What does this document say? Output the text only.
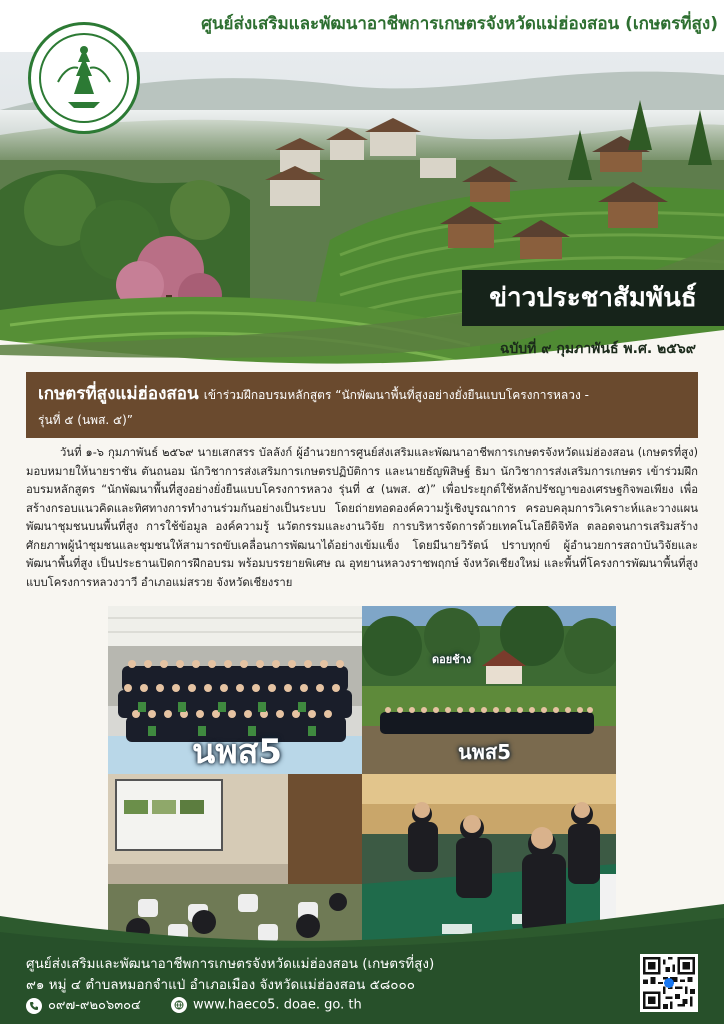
ศูนย์ส่งเสริมและพัฒนาอาชีพการเกษตรจังหวัดแม่ฮ่องสอน (เกษตรที่สูง)
ข่าวประชาสัมพันธ์
ฉบับที่ ๙ กุมภาพันธ์ พ.ศ. ๒๕๖๙
เกษตรที่สูงแม่ฮ่องสอน เข้าร่วมฝึกอบรมหลักสูตร “นักพัฒนาพื้นที่สูงอย่างยั่งยืนแบบโครงการหลวง -
รุ่นที่ ๕ (นพส. ๕)”

วันที่ ๑-๖ กุมภาพันธ์ ๒๕๖๙ นายเสกสรร บัลลังก์ ผู้อำนวยการศูนย์ส่งเสริมและพัฒนาอาชีพการเกษตรจังหวัดแม่ฮ่องสอน (เกษตรที่สูง) มอบหมายให้นายราชัน ตันถนอม นักวิชาการส่งเสริมการเกษตรปฏิบัติการ และนายธัญพิสิษฐ์ ธิมา นักวิชาการส่งเสริมการเกษตร เข้าร่วมฝึกอบรมหลักสูตร “นักพัฒนาพื้นที่สูงอย่างยั่งยืนแบบโครงการหลวง รุ่นที่ ๕ (นพส. ๕)” เพื่อประยุกต์ใช้หลักปรัชญาของเศรษฐกิจพอเพียง เพื่อสร้างกรอบแนวคิดและทิศทางการทำงานร่วมกันอย่างเป็นระบบ โดยถ่ายทอดองค์ความรู้เชิงบูรณาการ ครอบคลุมการวิเคราะห์และวางแผนพัฒนาชุมชนบนพื้นที่สูง การใช้ข้อมูล องค์ความรู้ นวัตกรรมและงานวิจัย การบริหารจัดการด้วยเทคโนโลยีดิจิทัล ตลอดจนการเสริมสร้างศักยภาพผู้นำชุมชนและชุมชนให้สามารถขับเคลื่อนการพัฒนาได้อย่างเข้มแข็ง โดยมีนายวิรัตน์ ปราบทุกข์ ผู้อำนวยการสถาบันวิจัยและพัฒนาพื้นที่สูง เป็นประธานเปิดการฝึกอบรม พร้อมบรรยายพิเศษ ณ อุทยานหลวงราชพฤกษ์ จังหวัดเชียงใหม่ และพื้นที่โครงการพัฒนาพื้นที่สูงแบบโครงการหลวงวาวี อำเภอแม่สรวย จังหวัดเชียงราย

นพส5
ดอยช้าง
นพส5
ศูนย์ส่งเสริมและพัฒนาอาชีพการเกษตรจังหวัดแม่ฮ่องสอน (เกษตรที่สูง)
๙๑ หมู่ ๔ ตำบลหมอกจำแป่ อำเภอเมือง จังหวัดแม่ฮ่องสอน ๕๘๐๐๐
๐๙๗-๙๒๐๖๓๐๔	www.haeco5. doae. go. th
